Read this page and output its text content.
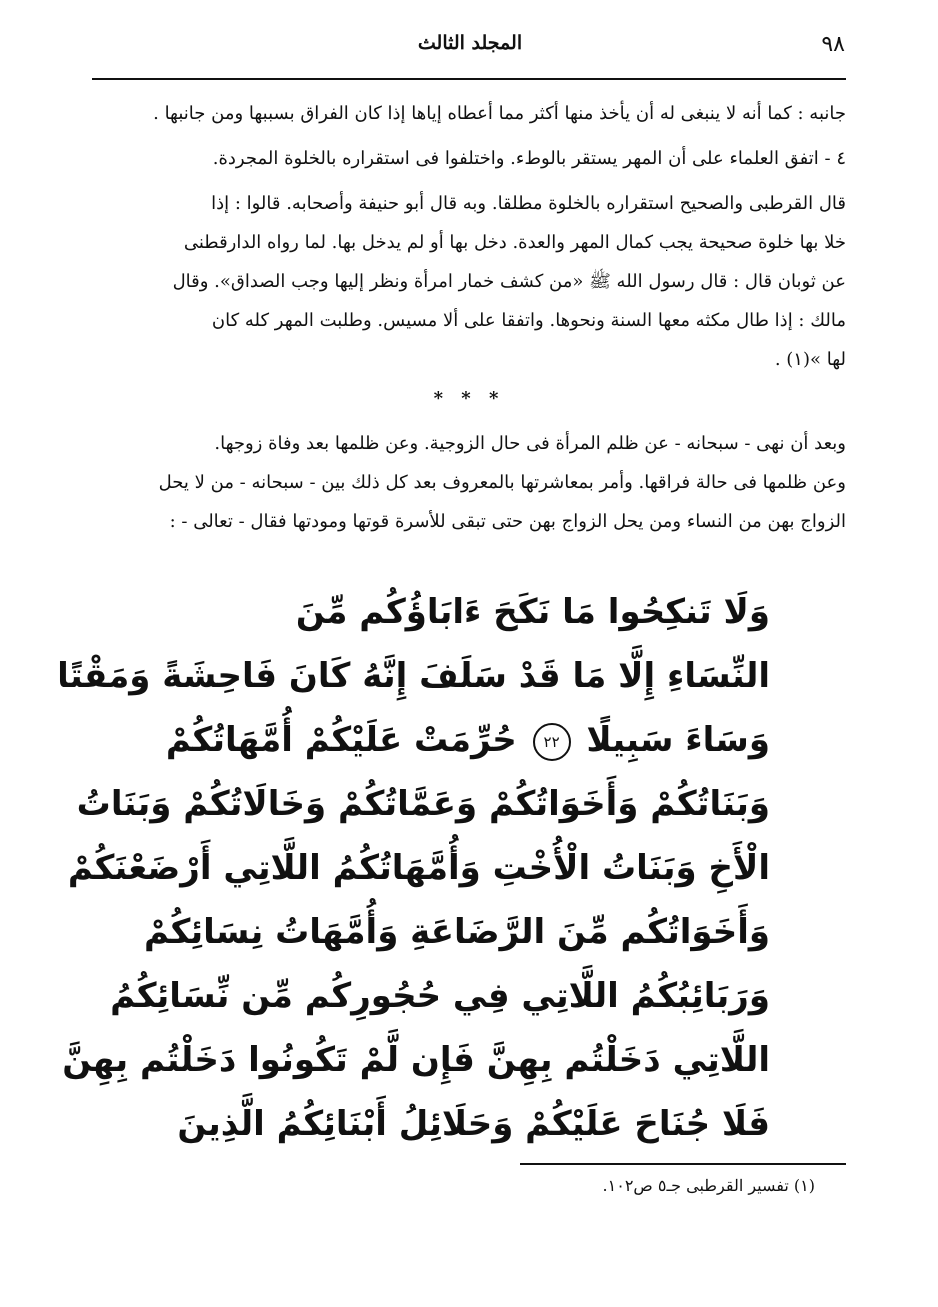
٩٨
المجلد الثالث
جانبه : كما أنه لا ينبغى له أن يأخذ منها أكثر مما أعطاه إياها إذا كان الفراق بسببها ومن جانبها .
٤ - اتفق العلماء على أن المهر يستقر بالوطء. واختلفوا فى استقراره بالخلوة المجردة.
قال القرطبى والصحيح استقراره بالخلوة مطلقا. وبه قال أبو حنيفة وأصحابه. قالوا : إذا
خلا بها خلوة صحيحة يجب كمال المهر والعدة. دخل بها أو لم يدخل بها. لما رواه الدارقطنى
عن ثوبان قال : قال رسول الله ﷺ «من كشف خمار امرأة ونظر إليها وجب الصداق». وقال
مالك : إذا طال مكثه معها السنة ونحوها. واتفقا على ألا مسيس. وطلبت المهر كله كان
لها »(١) .
* * *
وبعد أن نهى - سبحانه - عن ظلم المرأة فى حال الزوجية. وعن ظلمها بعد وفاة زوجها.
وعن ظلمها فى حالة فراقها. وأمر بمعاشرتها بالمعروف بعد كل ذلك بين - سبحانه - من لا يحل
الزواج بهن من النساء ومن يحل الزواج بهن حتى تبقى للأسرة قوتها ومودتها فقال - تعالى - :
وَلَا تَنكِحُوا مَا نَكَحَ ءَابَاؤُكُم مِّنَ
النِّسَاءِ إِلَّا مَا قَدْ سَلَفَ إِنَّهُ كَانَ فَاحِشَةً وَمَقْتًا
وَسَاءَ سَبِيلًا ٢٢ حُرِّمَتْ عَلَيْكُمْ أُمَّهَاتُكُمْ
وَبَنَاتُكُمْ وَأَخَوَاتُكُمْ وَعَمَّاتُكُمْ وَخَالَاتُكُمْ وَبَنَاتُ
الْأَخِ وَبَنَاتُ الْأُخْتِ وَأُمَّهَاتُكُمُ اللَّاتِي أَرْضَعْنَكُمْ
وَأَخَوَاتُكُم مِّنَ الرَّضَاعَةِ وَأُمَّهَاتُ نِسَائِكُمْ
وَرَبَائِبُكُمُ اللَّاتِي فِي حُجُورِكُم مِّن نِّسَائِكُمُ
اللَّاتِي دَخَلْتُم بِهِنَّ فَإِن لَّمْ تَكُونُوا دَخَلْتُم بِهِنَّ
فَلَا جُنَاحَ عَلَيْكُمْ وَحَلَائِلُ أَبْنَائِكُمُ الَّذِينَ
(١) تفسير القرطبى جـ٥ ص١٠٢.
